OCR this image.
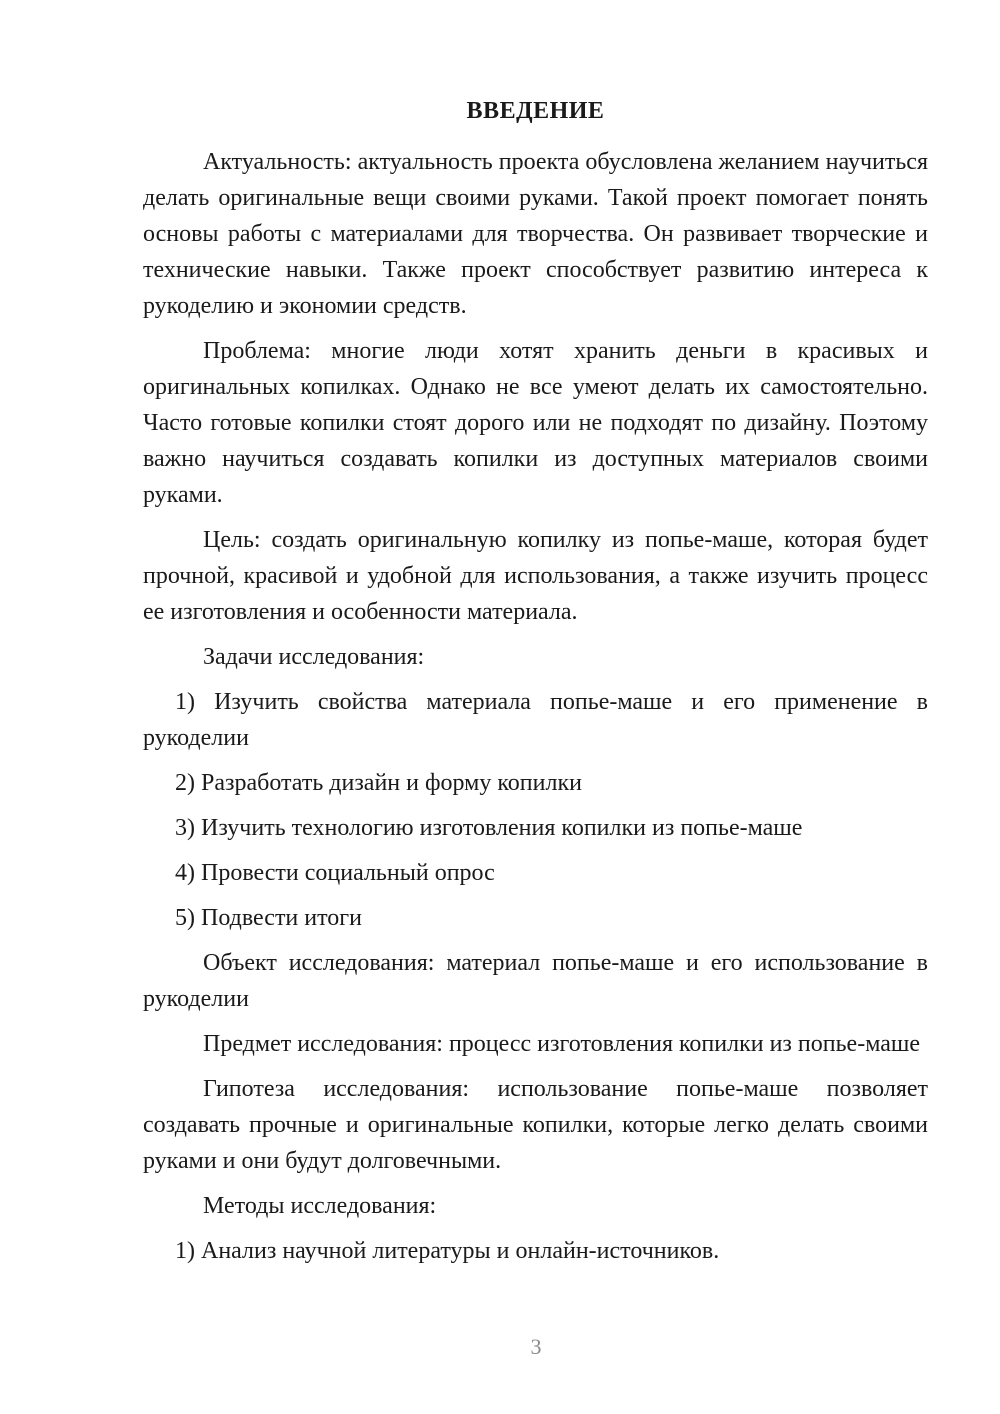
ВВЕДЕНИЕ

Актуальность: актуальность проекта обусловлена желанием научиться делать оригинальные вещи своими руками. Такой проект помогает понять основы работы с материалами для творчества. Он развивает творческие и технические навыки. Также проект способствует развитию интереса к рукоделию и экономии средств.

Проблема: многие люди хотят хранить деньги в красивых и оригинальных копилках. Однако не все умеют делать их самостоятельно. Часто готовые копилки стоят дорого или не подходят по дизайну. Поэтому важно научиться создавать копилки из доступных материалов своими руками.

Цель: создать оригинальную копилку из попье-маше, которая будет прочной, красивой и удобной для использования, а также изучить процесс ее изготовления и особенности материала.

Задачи исследования:

1) Изучить свойства материала попье-маше и его применение в рукоделии

2) Разработать дизайн и форму копилки

3) Изучить технологию изготовления копилки из попье-маше

4) Провести социальный опрос

5) Подвести итоги

Объект исследования: материал попье-маше и его использование в рукоделии

Предмет исследования: процесс изготовления копилки из попье-маше

Гипотеза исследования: использование попье-маше позволяет создавать прочные и оригинальные копилки, которые легко делать своими руками и они будут долговечными.

Методы исследования:

1) Анализ научной литературы и онлайн-источников.

3
